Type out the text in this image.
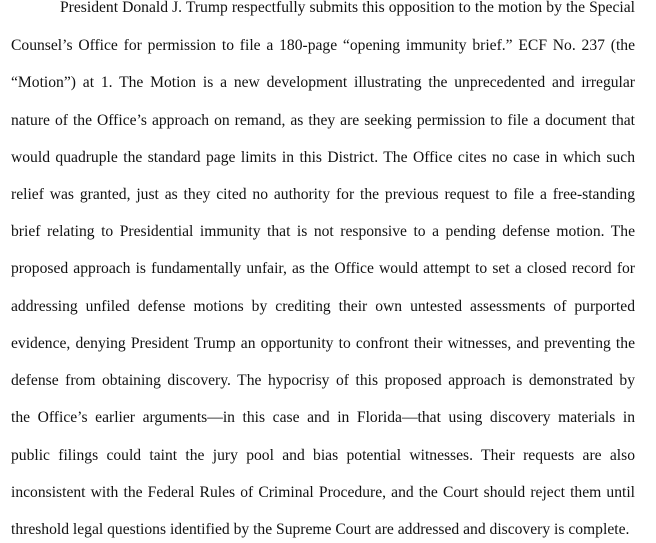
President Donald J. Trump respectfully submits this opposition to the motion by the Special
Counsel’s Office for permission to file a 180-page “opening immunity brief.” ECF No. 237 (the
“Motion”) at 1. The Motion is a new development illustrating the unprecedented and irregular
nature of the Office’s approach on remand, as they are seeking permission to file a document that
would quadruple the standard page limits in this District. The Office cites no case in which such
relief was granted, just as they cited no authority for the previous request to file a free-standing
brief relating to Presidential immunity that is not responsive to a pending defense motion. The
proposed approach is fundamentally unfair, as the Office would attempt to set a closed record for
addressing unfiled defense motions by crediting their own untested assessments of purported
evidence, denying President Trump an opportunity to confront their witnesses, and preventing the
defense from obtaining discovery. The hypocrisy of this proposed approach is demonstrated by
the Office’s earlier arguments—in this case and in Florida—that using discovery materials in
public filings could taint the jury pool and bias potential witnesses. Their requests are also
inconsistent with the Federal Rules of Criminal Procedure, and the Court should reject them until
threshold legal questions identified by the Supreme Court are addressed and discovery is complete.
